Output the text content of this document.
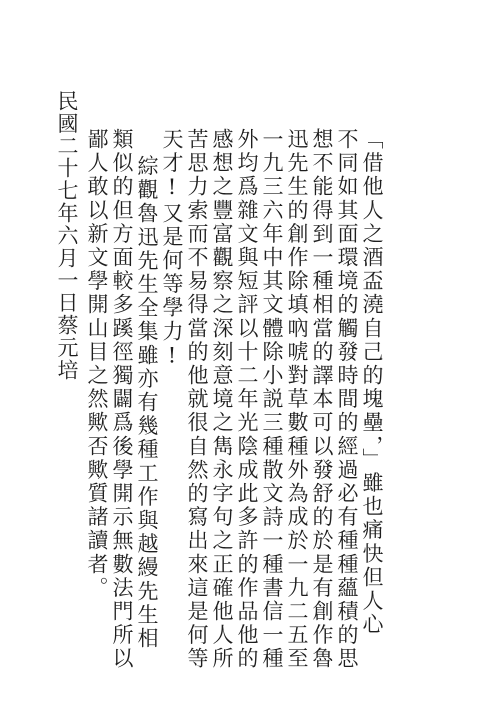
「借他人之酒盃澆自己的塊壘，」雖也痛快但人心
不同如其面環境的觸發時間的經過必有種種蘊積的思
想不能得到一種相當的譯本可以發舒的於是有創作魯
迅先生的創作除填吶唬對草數種外為成於一九二五至
一九三六年中其文體除小説三種散文詩一種書信一種
外均爲雜文與短評以十二年光陰成此多許的作品他的
感想之豐富觀察之深刻意境之雋永字句之正確他人所
苦思力索而不易得當的他就很自然的寫出來這是何等
天才!又是何等學力!
綜觀魯迅先生全集雖亦有幾種工作與越縵先生相
類似的但方面較多蹊徑獨闢爲後學開示無數法門所以
鄙人敢以新文學開山目之然歟否歟質諸讀者。
民國二十七年六月一日蔡元培
